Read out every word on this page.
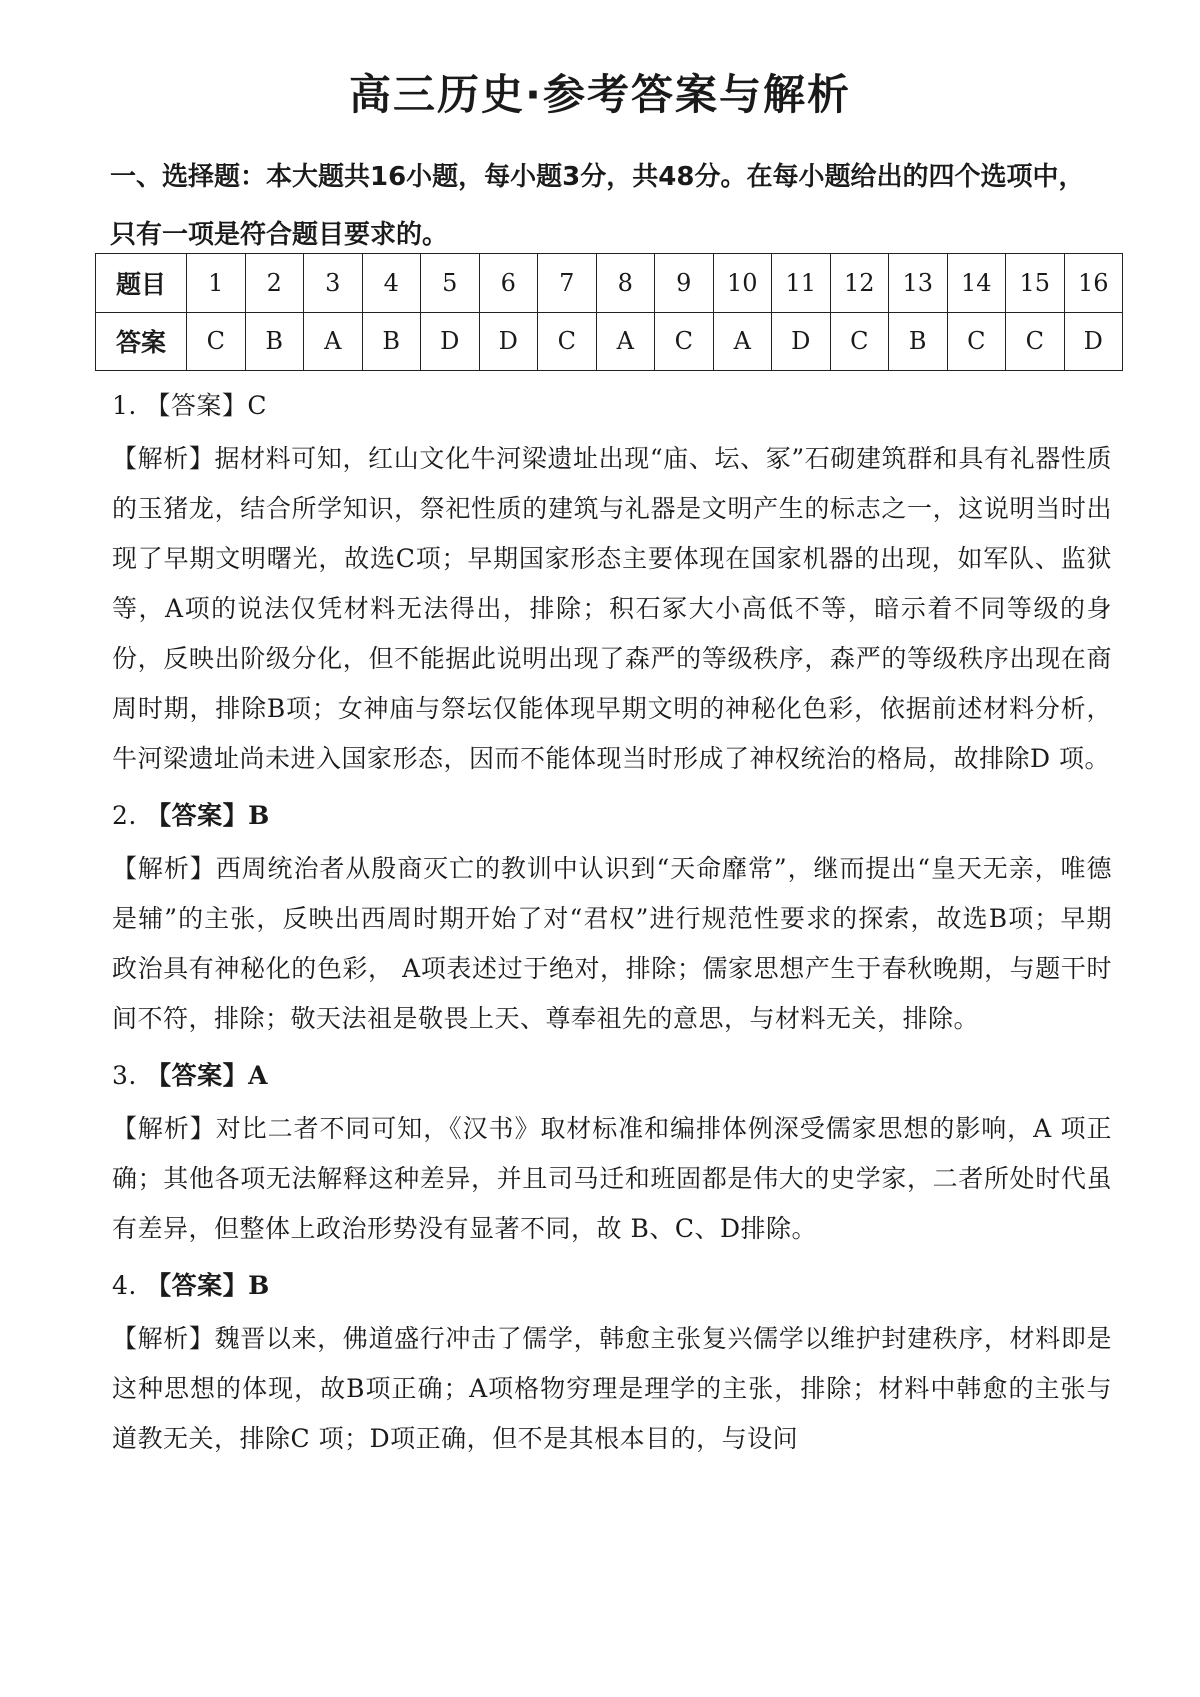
高三历史·参考答案与解析
一、选择题：本大题共16小题，每小题3分，共48分。在每小题给出的四个选项中，只有一项是符合题目要求的。
题目	1	2	3	4	5	6	7	8	9	10	11	12	13	14	15	16
答案	C	B	A	B	D	D	C	A	C	A	D	C	B	C	C	D
1. 【答案】C

【解析】据材料可知，红山文化牛河梁遗址出现“庙、坛、冢”石砌建筑群和具有礼器性质的玉猪龙，结合所学知识，祭祀性质的建筑与礼器是文明产生的标志之一，这说明当时出现了早期文明曙光，故选C项；早期国家形态主要体现在国家机器的出现，如军队、监狱等，A项的说法仅凭材料无法得出，排除；积石冢大小高低不等，暗示着不同等级的身份，反映出阶级分化，但不能据此说明出现了森严的等级秩序，森严的等级秩序出现在商周时期，排除B项；女神庙与祭坛仅能体现早期文明的神秘化色彩，依据前述材料分析，牛河梁遗址尚未进入国家形态，因而不能体现当时形成了神权统治的格局，故排除D 项。

2. 【答案】B

【解析】西周统治者从殷商灭亡的教训中认识到“天命靡常”，继而提出“皇天无亲，唯德是辅”的主张，反映出西周时期开始了对“君权”进行规范性要求的探索，故选B项；早期政治具有神秘化的色彩， A项表述过于绝对，排除；儒家思想产生于春秋晚期，与题干时间不符，排除；敬天法祖是敬畏上天、尊奉祖先的意思，与材料无关，排除。

3. 【答案】A

【解析】对比二者不同可知，《汉书》取材标准和编排体例深受儒家思想的影响，A 项正确；其他各项无法解释这种差异，并且司马迁和班固都是伟大的史学家，二者所处时代虽有差异，但整体上政治形势没有显著不同，故 B、C、D排除。

4. 【答案】B

【解析】魏晋以来，佛道盛行冲击了儒学，韩愈主张复兴儒学以维护封建秩序，材料即是这种思想的体现，故B项正确；A项格物穷理是理学的主张，排除；材料中韩愈的主张与道教无关，排除C 项；D项正确，但不是其根本目的，与设问
